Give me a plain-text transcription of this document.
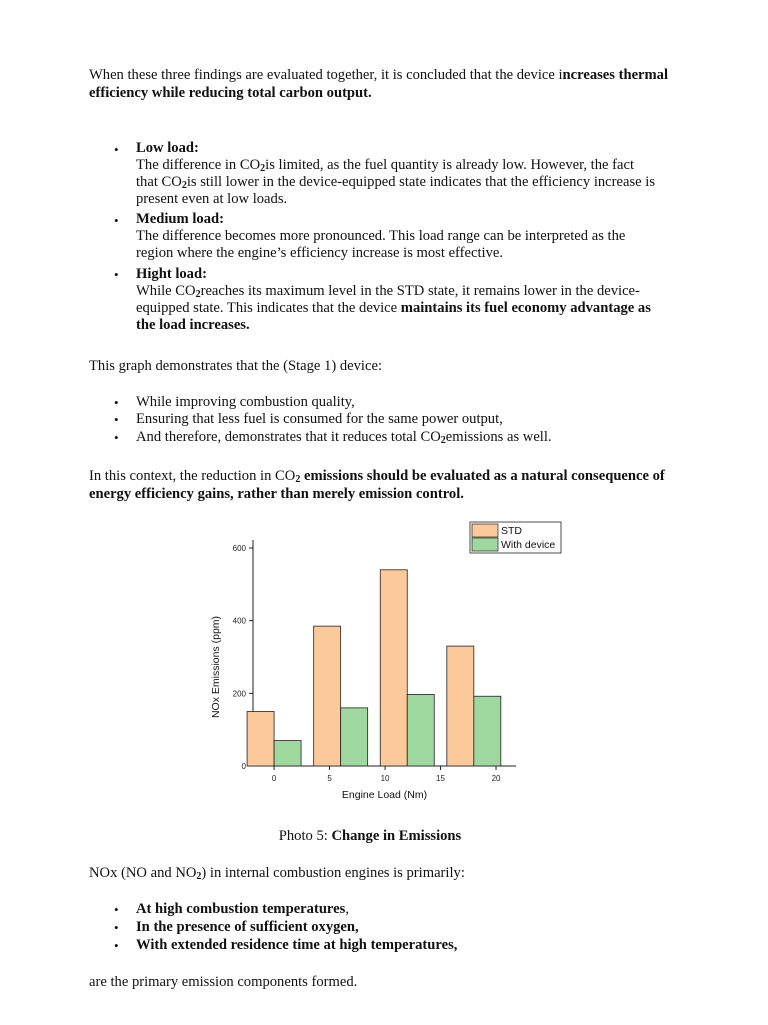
When these three findings are evaluated together, it is concluded that the device increases thermal efficiency while reducing total carbon output.
• Low load:
The difference in $CO_2is$ limited, as the fuel quantity is already low. However, the fact that $CO_2is$ still lower in the device-equipped state indicates that the efficiency increase is present even at low loads.
• Medium load:
The difference becomes more pronounced. This load range can be interpreted as the region where the engine’s efficiency increase is most effective.
• Hight load:
While $CO_2reaches$ its maximum level in the STD state, it remains lower in the device-equipped state. This indicates that the device maintains its fuel economy advantage as the load increases.
This graph demonstrates that the (Stage 1) device:
• While improving combustion quality,
• Ensuring that less fuel is consumed for the same power output,
• And therefore, demonstrates that it reduces total $CO_2emissions$ as well.
In this context, the reduction in $CO_2$ emissions should be evaluated as a natural consequence of energy efficiency gains, rather than merely emission control.
0
200
400
600
0	5	10	15	20
Engine Load (Nm)
NOx Emissions (ppm)
STD
With device
Photo 5: Change in Emissions
NOx (NO and $NO_2$) in internal combustion engines is primarily:
• At high combustion temperatures,
• In the presence of sufficient oxygen,
• With extended residence time at high temperatures,
are the primary emission components formed.
